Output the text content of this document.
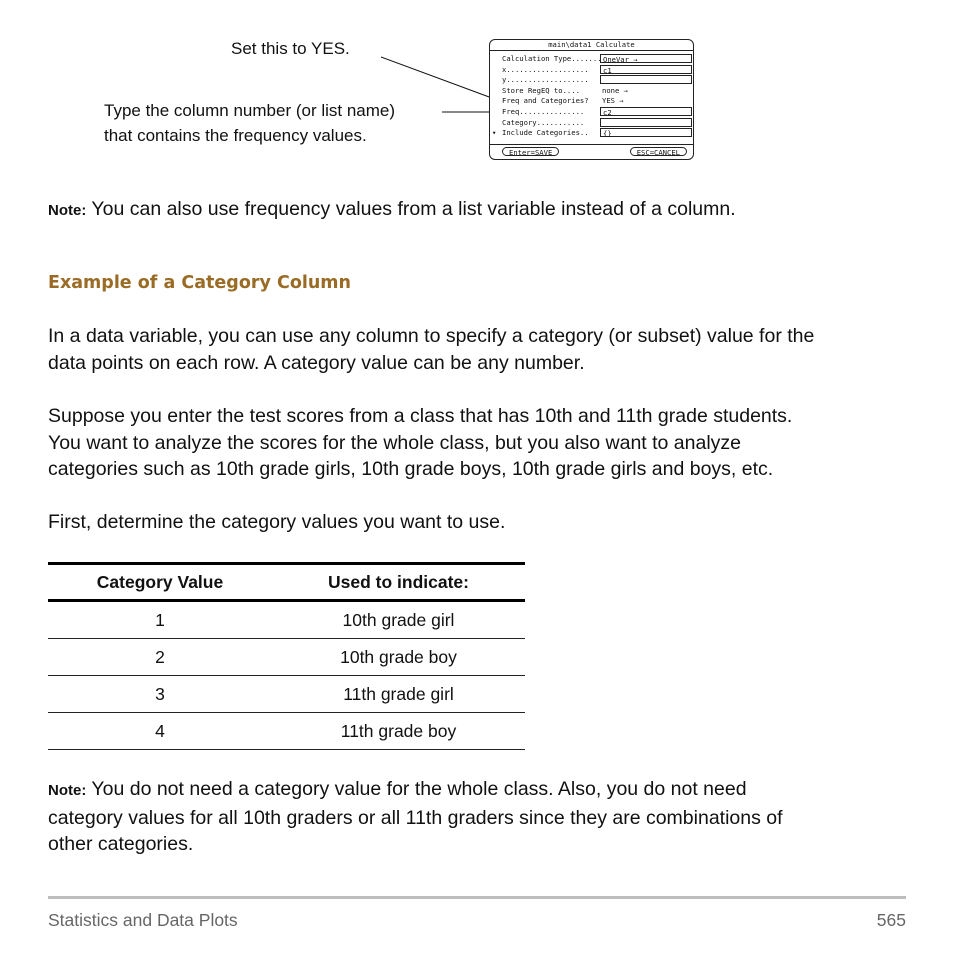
Set this to YES.
Type the column number (or list name)
that contains the frequency values.
main\data1 Calculate
Calculation Type....... OneVar →
x...................	c1
y...................
Store RegEQ to....	none →
Freq and Categories? YES →
Freq...............	c2
Category...........
▾ Include Categories..	{}
Enter=SAVE	ESC=CANCEL
Note: You can also use frequency values from a list variable instead of a column.
Example of a Category Column
In a data variable, you can use any column to specify a category (or subset) value for the
data points on each row. A category value can be any number.
Suppose you enter the test scores from a class that has 10th and 11th grade students.
You want to analyze the scores for the whole class, but you also want to analyze
categories such as 10th grade girls, 10th grade boys, 10th grade girls and boys, etc.
First, determine the category values you want to use.
Category Value	Used to indicate:
1	10th grade girl
2	10th grade boy
3	11th grade girl
4	11th grade boy
Note: You do not need a category value for the whole class. Also, you do not need
category values for all 10th graders or all 11th graders since they are combinations of
other categories.
Statistics and Data Plots	565
